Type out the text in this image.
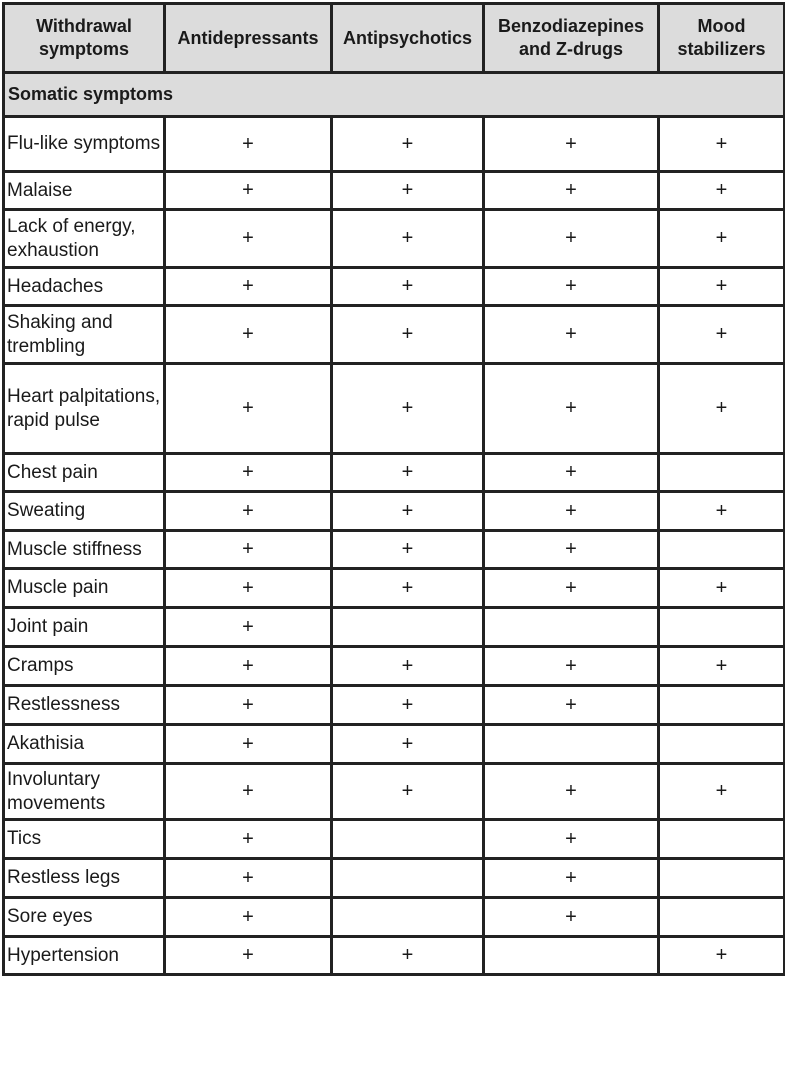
Withdrawal symptoms	Antidepressants	Antipsychotics	Benzodiazepines and Z-drugs	Mood stabilizers
Somatic symptoms				
Flu-like symptoms	+	+	+	+
Malaise	+	+	+	+
Lack of energy, exhaustion	+	+	+	+
Headaches	+	+	+	+
Shaking and trembling	+	+	+	+
Heart palpitations, rapid pulse	+	+	+	+
Chest pain	+	+	+	
Sweating	+	+	+	+
Muscle stiffness	+	+	+	
Muscle pain	+	+	+	+
Joint pain	+			
Cramps	+	+	+	+
Restlessness	+	+	+	
Akathisia	+	+		
Involuntary movements	+	+	+	+
Tics	+		+	
Restless legs	+		+	
Sore eyes	+		+	
Hypertension	+	+		+
